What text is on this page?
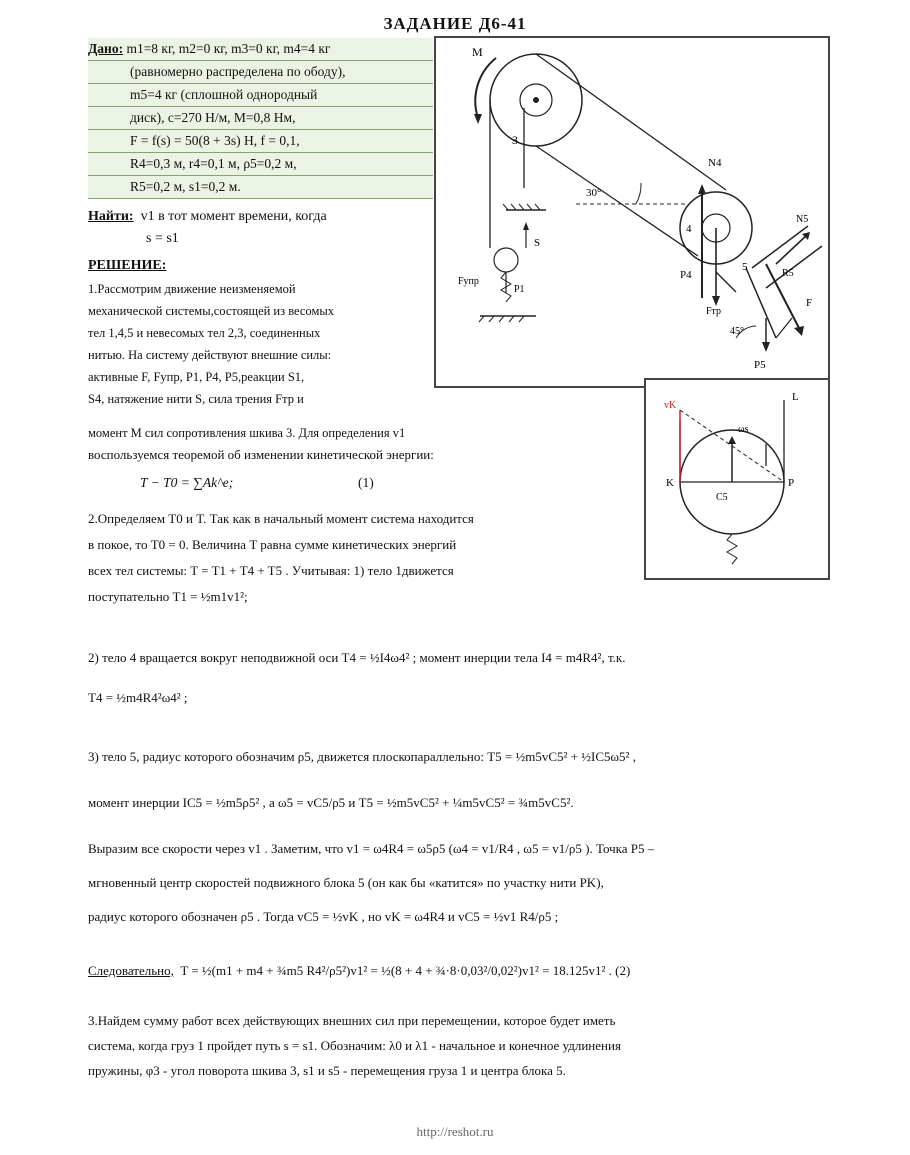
ЗАДАНИЕ Д6-41
Дано: m1=8 кг, m2=0 кг, m3=0 кг, m4=4 кг
(равномерно распределена по ободу),
m5=4 кг (сплошной однородный
диск), c=270 Н/м, М=0,8 Нм,
F = f(s) = 50(8 + 3s) Н, f = 0,1,
R4=0,3 м, r4=0,1 м, ρ5=0,2 м,
R5=0,2 м, s1=0,2 м.
Найти: v1 в тот момент времени, когда
s = s1
РЕШЕНИЕ:
1.Рассмотрим движение неизменяемой
механической системы,состоящей из весомых
тел 1,4,5 и невесомых тел 2,3, соединенных
нитью. На систему действуют внешние силы:
активные F, Fупр, P1, P4, P5,реакции S1,
S4, натяжение нити S, сила трения Fтр и
момент М сил сопротивления шкива 3. Для определения v1
воспользуемся теоремой об изменении кинетической энергии:
T − T0 = ∑Ak^e;	(1)
2.Определяем T0 и T. Так как в начальный момент система находится
в покое, то T0 = 0. Величина T равна сумме кинетических энергий
всех тел системы: T = T1 + T4 + T5 . Учитывая: 1) тело 1движется
поступательно T1 = ½m1v1²;
2) тело 4 вращается вокруг неподвижной оси T4 = ½I4ω4² ; момент инерции тела I4 = m4R4², т.к.
T4 = ½m4R4²ω4² ;
3) тело 5, радиус которого обозначим ρ5, движется плоскопараллельно: T5 = ½m5vC5² + ½IC5ω5² ,
момент инерции IC5 = ½m5ρ5² , а ω5 = vC5/ρ5 и T5 = ½m5vC5² + ¼m5vC5² = ¾m5vC5².
Выразим все скорости через v1 . Заметим, что v1 = ω4R4 = ω5ρ5 (ω4 = v1/R4 , ω5 = v1/ρ5 ). Точка P5 –
мгновенный центр скоростей подвижного блока 5 (он как бы «катится» по участку нити PK),
радиус которого обозначен ρ5 . Тогда vC5 = ½vK , но vK = ω4R4 и vC5 = ½v1 R4/ρ5 ;
Следовательно, T = ½(m1 + m4 + ¾m5 R4²/ρ5²)v1² = ½(8 + 4 + ¾·8·0,03²/0,02²)v1² = 18.125v1² . (2)
3.Найдем сумму работ всех действующих внешних сил при перемещении, которое будет иметь
система, когда груз 1 пройдет путь s = s1. Обозначим: λ0 и λ1 - начальное и конечное удлинения
пружины, φ3 - угол поворота шкива 3, s1 и s5 - перемещения груза 1 и центра блока 5.
M
3
N4
30°
4
P4
Fтр
5
F
R5
45°
P5
S
Fупр
P1
N5
vK
L
ωs
K
C5
P
http://reshot.ru
